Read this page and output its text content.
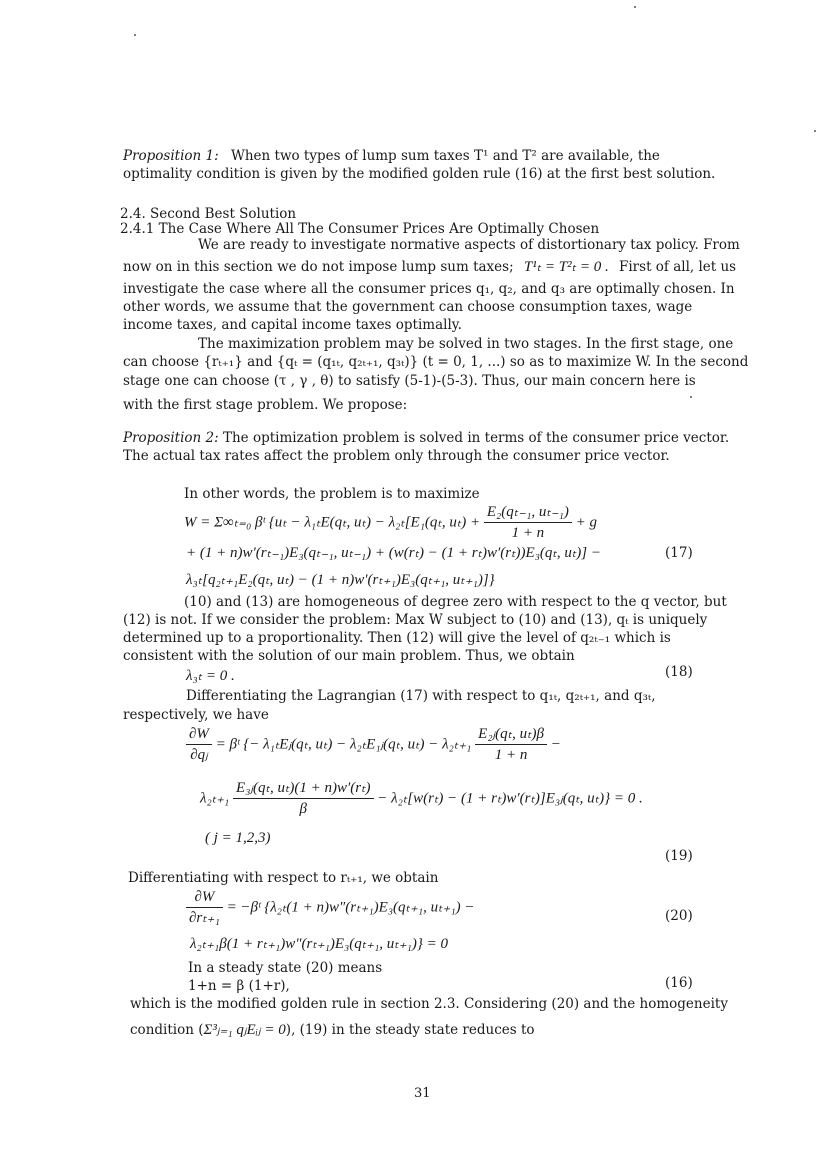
Proposition 1: When two types of lump sum taxes T¹ and T² are available, the
optimality condition is given by the modified golden rule (16) at the first best solution.
2.4. Second Best Solution
2.4.1 The Case Where All The Consumer Prices Are Optimally Chosen
We are ready to investigate normative aspects of distortionary tax policy. From
now on in this section we do not impose lump sum taxes; T¹ₜ = T²ₜ = 0 . First of all, let us
investigate the case where all the consumer prices q₁, q₂, and q₃ are optimally chosen. In
other words, we assume that the government can choose consumption taxes, wage
income taxes, and capital income taxes optimally.
The maximization problem may be solved in two stages. In the first stage, one
can choose {rₜ₊₁} and {qₜ = (q₁ₜ, q₂ₜ₊₁, q₃ₜ)} (t = 0, 1, ...) so as to maximize W. In the second
stage one can choose (τ , γ , θ) to satisfy (5-1)-(5-3). Thus, our main concern here is
with the first stage problem. We propose:
Proposition 2: The optimization problem is solved in terms of the consumer price vector.
The actual tax rates affect the problem only through the consumer price vector.
In other words, the problem is to maximize
W = Σ∞ₜ₌₀ βᵗ {uₜ − λ₁ₜE(qₜ, uₜ) − λ₂ₜ[E₁(qₜ, $u_t) + \frac{\text{E₂(qₜ₋₁, uₜ₋₁)}}{1 + n} + g$
+ (1 + n)w′(rₜ₋₁)E₃(qₜ₋₁, uₜ₋₁) + (w(rₜ) − (1 + rₜ)w′(rₜ))E₃(qₜ, uₜ)] −	(17)
λ₃ₜ[q₂ₜ₊₁E₂(qₜ, uₜ) − (1 + n)w′(rₜ₊₁)E₃(qₜ₊₁, uₜ₊₁)]}
(10) and (13) are homogeneous of degree zero with respect to the q vector, but
(12) is not. If we consider the problem: Max W subject to (10) and (13), qₜ is uniquely
determined up to a proportionality. Then (12) will give the level of q₂ₜ₋₁ which is
consistent with the solution of our main problem. Thus, we obtain
λ₃ₜ = 0 .	(18)
Differentiating the Lagrangian (17) with respect to q₁ₜ, q₂ₜ₊₁, and q₃ₜ,
respectively, we have
$\frac{\partial W}{\text{∂qⱼ}}$ = βᵗ {− λ₁ₜEⱼ(qₜ, uₜ) − λ₂ₜE₁ⱼ(qₜ, $u_t) - \lambda_{2t+1} \frac{\text{E₂ⱼ(qₜ, uₜ)β}}{1 + n}$ −
$\lambda_{2t+1} \frac{\text{E₃ⱼ(qₜ, uₜ)(1 + n)w′(rₜ)}}{\beta} - \lambda_{2t}[w(r_t) - (1$ + rₜ)w′(rₜ)]E₃ⱼ(qₜ, uₜ)} = 0 .
( j = 1,2,3)
(19)
Differentiating with respect to rₜ₊₁, we obtain
$\frac{\partial W}{\text{∂rₜ₊₁}}$ = −βᵗ {λ₂ₜ(1 + n)w″(rₜ₊₁)E₃(qₜ₊₁, uₜ₊₁) −
(20)
λ₂ₜ₊₁β(1 + rₜ₊₁)w″(rₜ₊₁)E₃(qₜ₊₁, uₜ₊₁)} = 0
In a steady state (20) means
1+n = β (1+r),	(16)
which is the modified golden rule in section 2.3. Considering (20) and the homogeneity
condition (Σ³ⱼ₌₁ qⱼEᵢⱼ = 0), (19) in the steady state reduces to
31
